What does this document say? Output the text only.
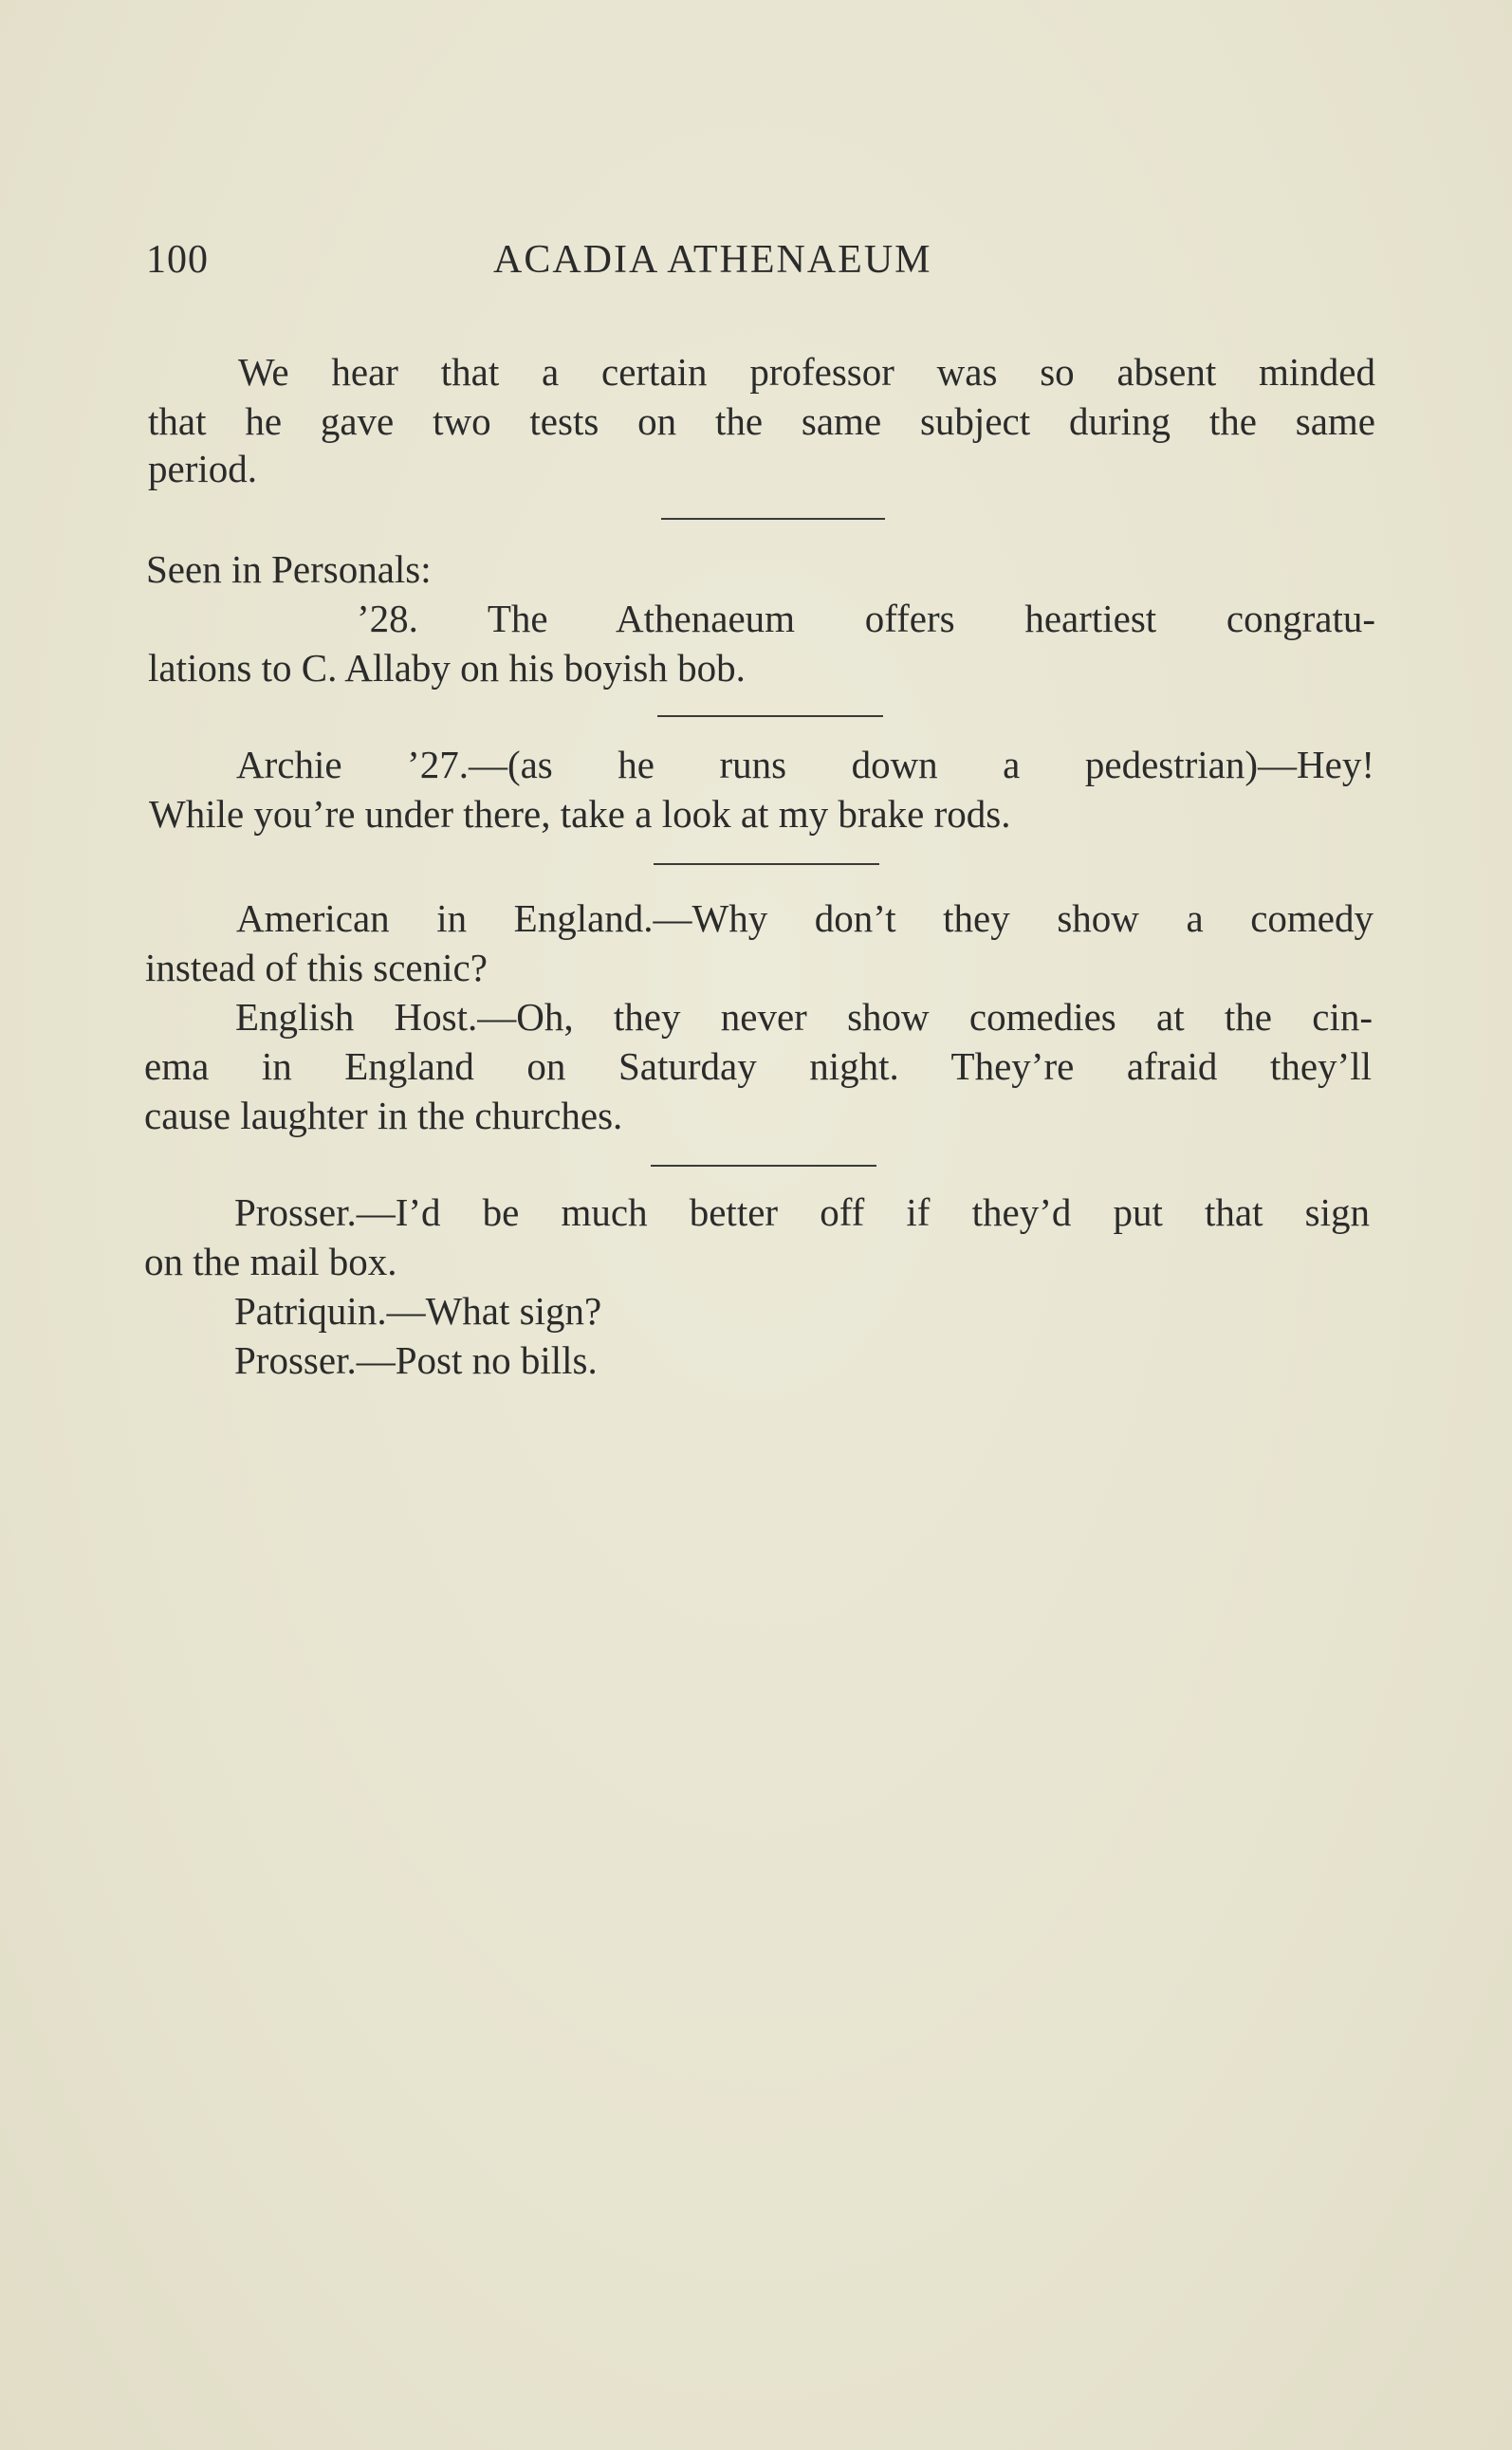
100	ACADIA ATHENAEUM
We hear that a certain professor was so absent minded
that he gave two tests on the same subject during the same
period.
Seen in Personals:
’28. The Athenaeum offers heartiest congratu-
lations to C. Allaby on his boyish bob.
Archie ’27.—(as he runs down a pedestrian)—Hey!
While you’re under there, take a look at my brake rods.
American in England.—Why don’t they show a comedy
instead of this scenic?
English Host.—Oh, they never show comedies at the cin-
ema in England on Saturday night. They’re afraid they’ll
cause laughter in the churches.
Prosser.—I’d be much better off if they’d put that sign
on the mail box.
Patriquin.—What sign?
Prosser.—Post no bills.
